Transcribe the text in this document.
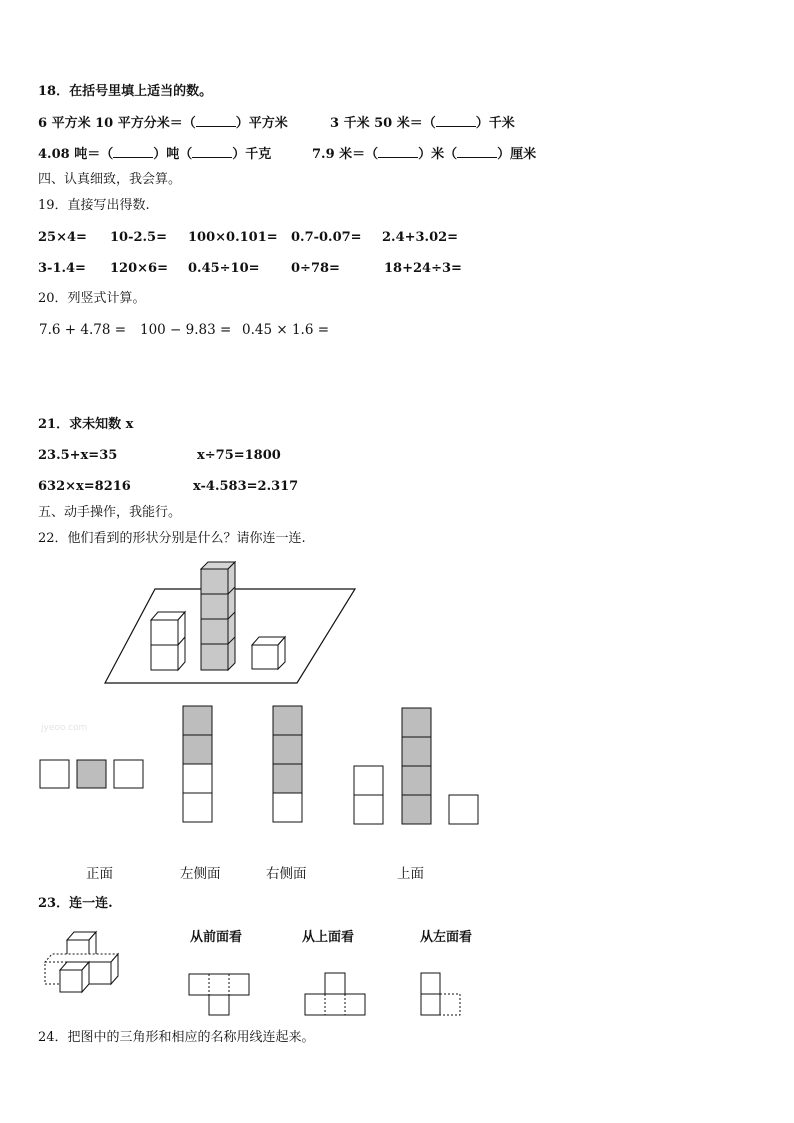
18．在括号里填上适当的数。
6 平方米 10 平方分米＝（	）平方米	3 千米 50 米＝（	）千米
4.08 吨＝（	）吨（	）千克	7.9 米＝（	）米（	）厘米
四、认真细致，我会算。
19．直接写出得数.
25×4= 10-2.5= 100×0.101= 0.7-0.07= 2.4+3.02=
3-1.4= 120×6= 0.45÷10= 0÷78=	18+24÷3=
20．列竖式计算。
7.6 + 4.78 = 100 − 9.83 = 0.45 × 1.6 =
21．求未知数 x
23.5+x=35	x÷75=1800
632×x=8216	x-4.583=2.317
五、动手操作，我能行。
22．他们看到的形状分别是什么？请你连一连.
jyeoo.com
正面	左侧面	右侧面	上面
23．连一连.
从前面看	从上面看	从左面看
24．把图中的三角形和相应的名称用线连起来。
